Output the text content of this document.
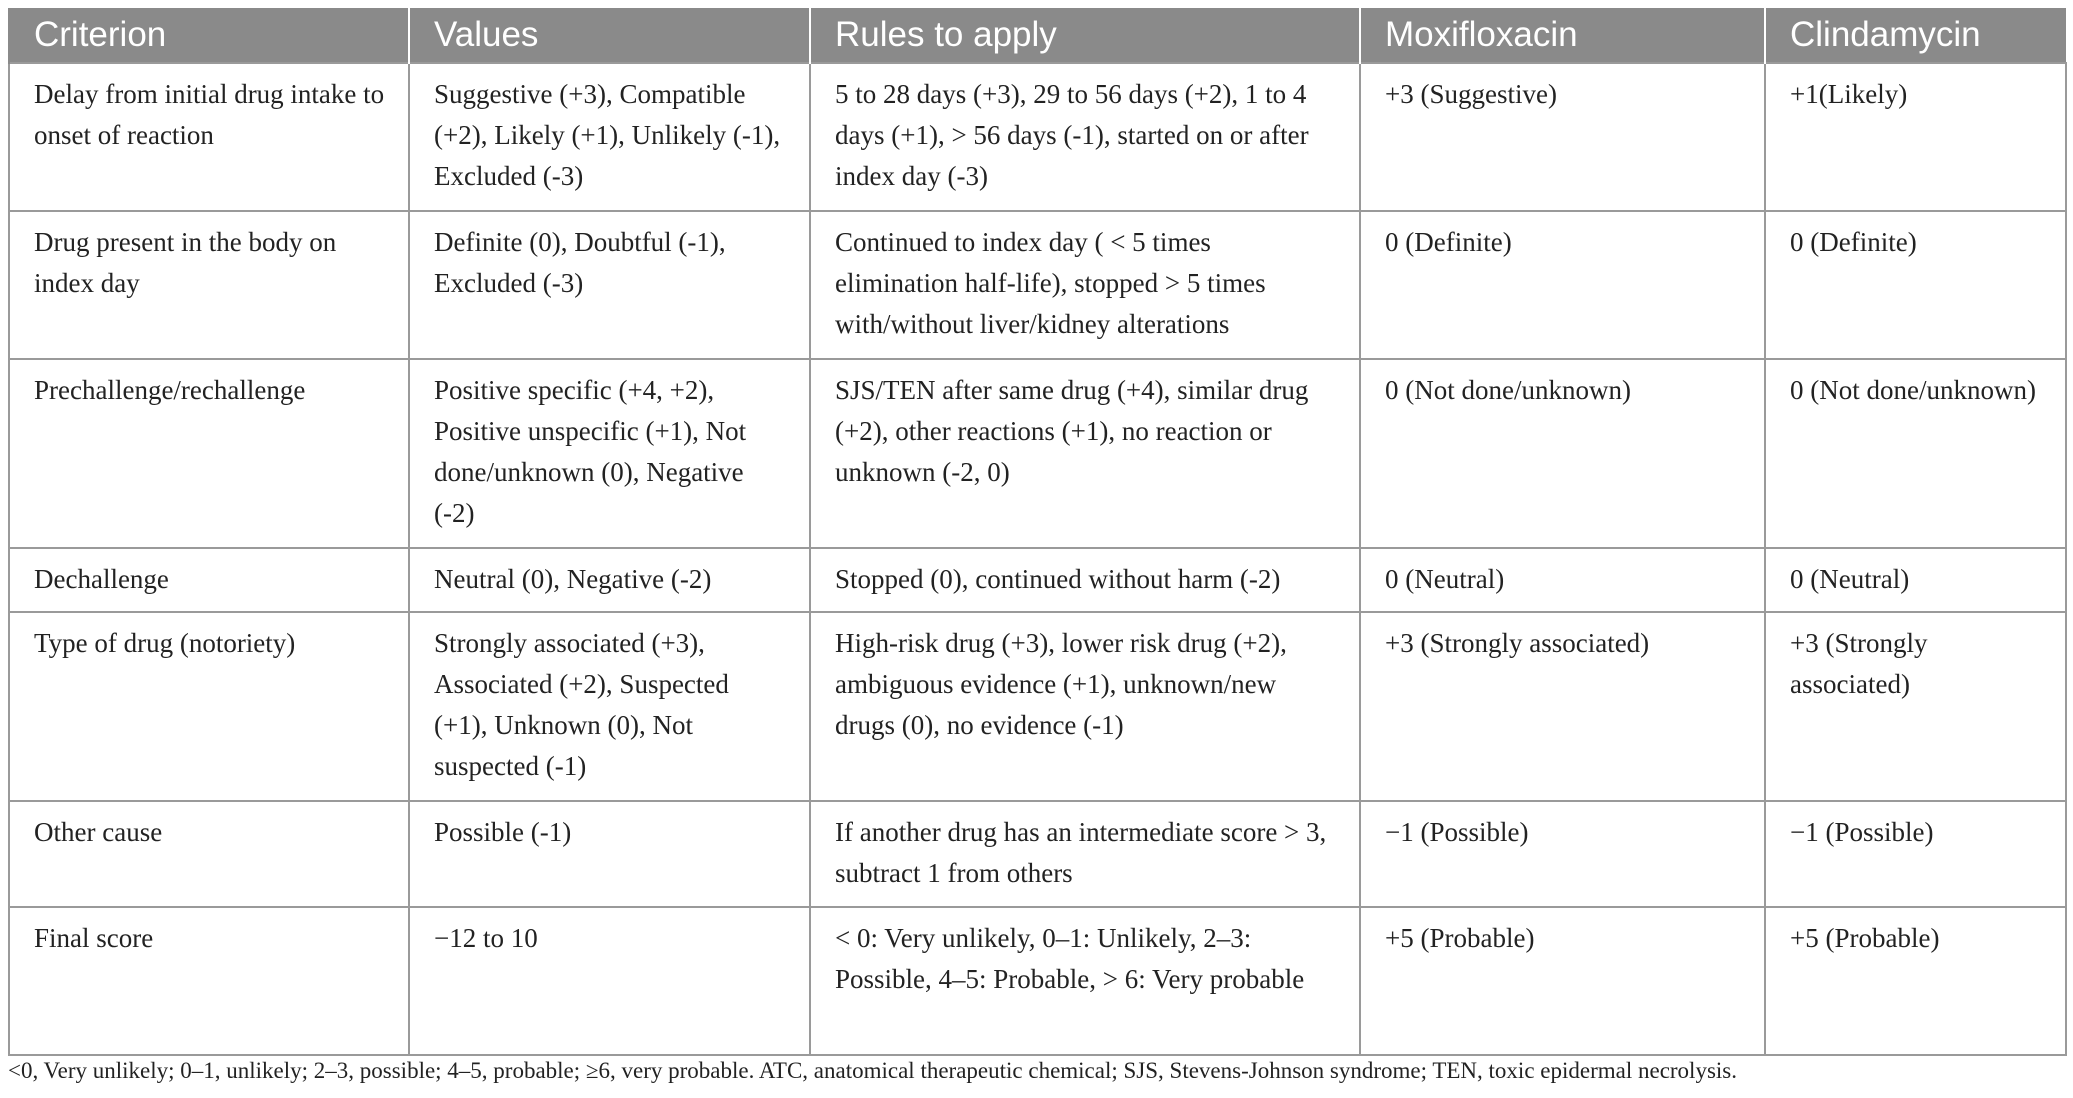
Criterion	Values	Rules to apply	Moxifloxacin	Clindamycin
Delay from initial drug intake to onset of reaction	Suggestive (+3), Compatible (+2), Likely (+1), Unlikely (-1), Excluded (-3)	5 to 28 days (+3), 29 to 56 days (+2), 1 to 4 days (+1), > 56 days (-1), started on or after index day (-3)	+3 (Suggestive)	+1(Likely)
Drug present in the body on index day	Definite (0), Doubtful (-1), Excluded (-3)	Continued to index day ( < 5 times elimination half-life), stopped > 5 times with/without liver/kidney alterations	0 (Definite)	0 (Definite)
Prechallenge/rechallenge	Positive specific (+4, +2), Positive unspecific (+1), Not done/unknown (0), Negative (-2)	SJS/TEN after same drug (+4), similar drug (+2), other reactions (+1), no reaction or unknown (-2, 0)	0 (Not done/unknown)	0 (Not done/unknown)
Dechallenge	Neutral (0), Negative (-2)	Stopped (0), continued without harm (-2)	0 (Neutral)	0 (Neutral)
Type of drug (notoriety)	Strongly associated (+3), Associated (+2), Suspected (+1), Unknown (0), Not suspected (-1)	High-risk drug (+3), lower risk drug (+2), ambiguous evidence (+1), unknown/new drugs (0), no evidence (-1)	+3 (Strongly associated)	+3 (Strongly associated)
Other cause	Possible (-1)	If another drug has an intermediate score > 3, subtract 1 from others	−1 (Possible)	−1 (Possible)
Final score	−12 to 10	< 0: Very unlikely, 0–1: Unlikely, 2–3: Possible, 4–5: Probable, > 6: Very probable	+5 (Probable)	+5 (Probable)
<0, Very unlikely; 0–1, unlikely; 2–3, possible; 4–5, probable; ≥6, very probable. ATC, anatomical therapeutic chemical; SJS, Stevens-Johnson syndrome; TEN, toxic epidermal necrolysis.
